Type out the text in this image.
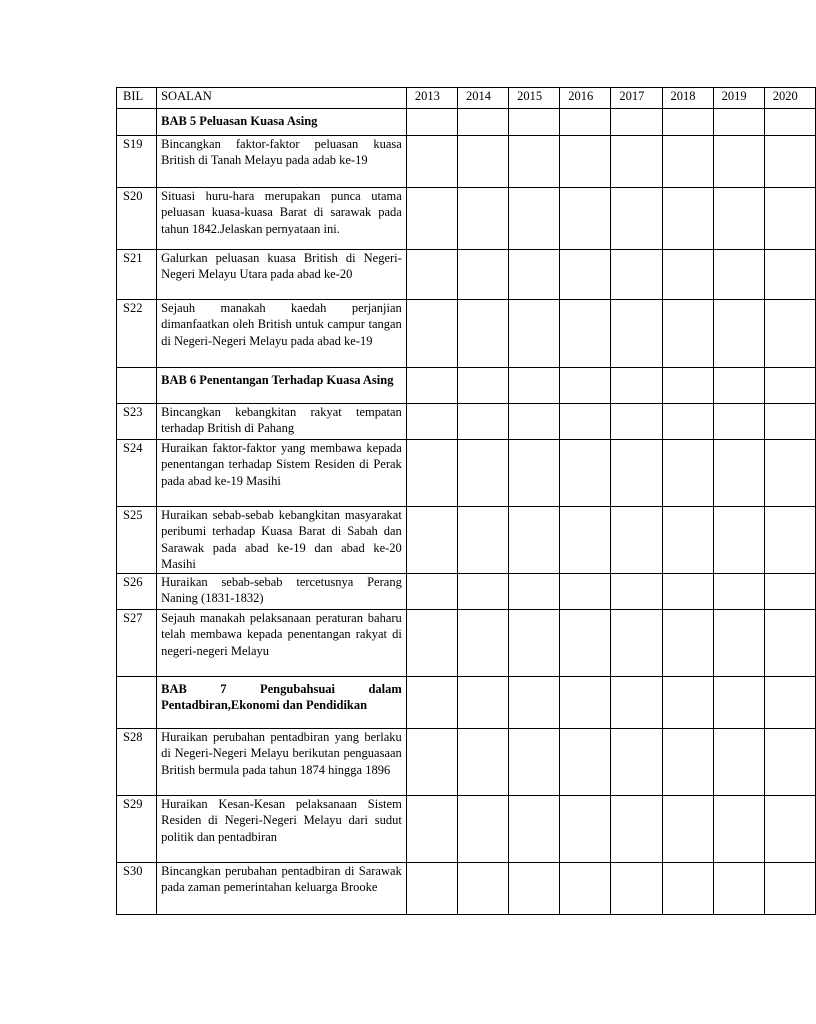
BIL	SOALAN	2013	2014	2015	2016	2017	2018	2019	2020

	BAB 5 Peluasan Kuasa Asing								

S19	Bincangkan faktor-faktor peluasan kuasa British di Tanah Melayu pada adab ke-19								

S20	Situasi huru-hara merupakan punca utama peluasan kuasa-kuasa Barat di sarawak pada tahun 1842.Jelaskan pernyataan ini.								

S21	Galurkan peluasan kuasa British di Negeri-Negeri Melayu Utara pada abad ke-20								

S22	Sejauh manakah kaedah perjanjian dimanfaatkan oleh British untuk campur tangan di Negeri-Negeri Melayu pada abad ke-19								

	BAB 6 Penentangan Terhadap Kuasa Asing								

S23	Bincangkan kebangkitan rakyat tempatan terhadap British di Pahang								

S24	Huraikan faktor-faktor yang membawa kepada penentangan terhadap Sistem Residen di Perak pada abad ke-19 Masihi								

S25	Huraikan sebab-sebab kebangkitan masyarakat peribumi terhadap Kuasa Barat di Sabah dan Sarawak pada abad ke-19 dan abad ke-20 Masihi								

S26	Huraikan sebab-sebab tercetusnya Perang Naning (1831-1832)								

S27	Sejauh manakah pelaksanaan peraturan baharu telah membawa kepada penentangan rakyat di negeri-negeri Melayu								

	BAB 7 Pengubahsuai dalam Pentadbiran,Ekonomi dan Pendidikan								

S28	Huraikan perubahan pentadbiran yang berlaku di Negeri-Negeri Melayu berikutan penguasaan British bermula pada tahun 1874 hingga 1896								

S29	Huraikan Kesan-Kesan pelaksanaan Sistem Residen di Negeri-Negeri Melayu dari sudut politik dan pentadbiran								

S30	Bincangkan perubahan pentadbiran di Sarawak pada zaman pemerintahan keluarga Brooke								
